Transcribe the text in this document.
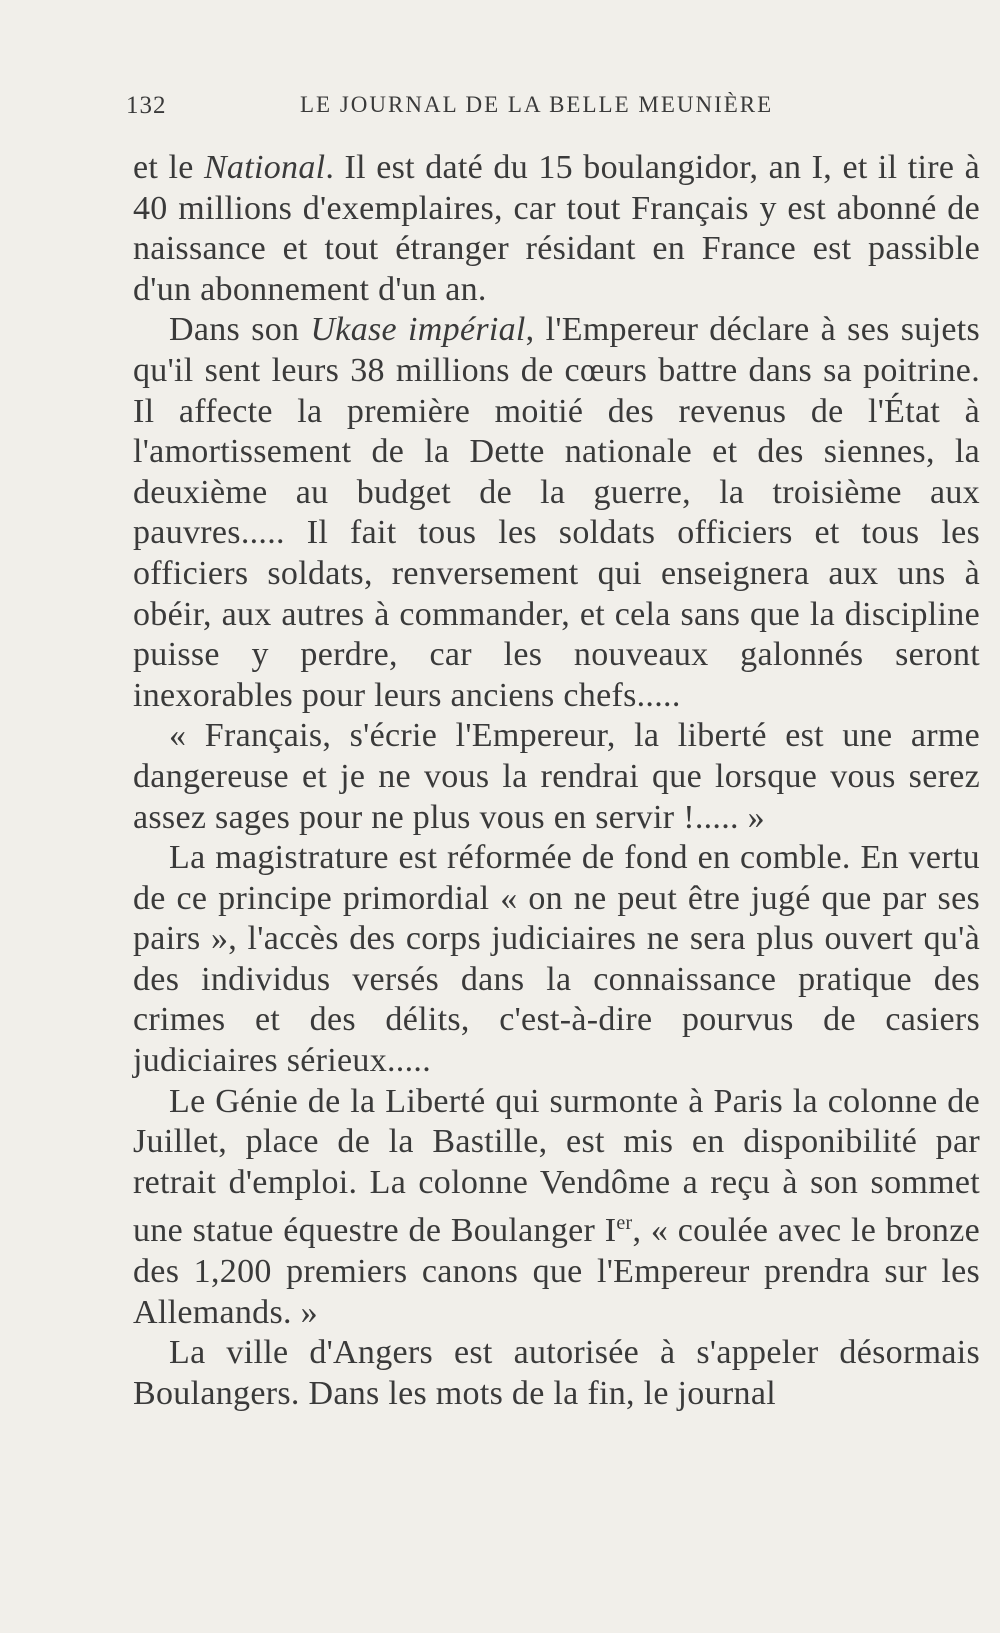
132	LE JOURNAL DE LA BELLE MEUNIÈRE

et le National. Il est daté du 15 boulangidor, an I, et il tire à 40 millions d'exemplaires, car tout Français y est abonné de naissance et tout étranger résidant en France est passible d'un abonnement d'un an.

Dans son Ukase impérial, l'Empereur déclare à ses sujets qu'il sent leurs 38 millions de cœurs battre dans sa poitrine. Il affecte la première moitié des revenus de l'État à l'amortissement de la Dette nationale et des siennes, la deuxième au budget de la guerre, la troisième aux pauvres..... Il fait tous les soldats officiers et tous les officiers soldats, renversement qui enseignera aux uns à obéir, aux autres à commander, et cela sans que la discipline puisse y perdre, car les nouveaux galonnés seront inexorables pour leurs anciens chefs.....

« Français, s'écrie l'Empereur, la liberté est une arme dangereuse et je ne vous la rendrai que lorsque vous serez assez sages pour ne plus vous en servir !..... »

La magistrature est réformée de fond en comble. En vertu de ce principe primordial « on ne peut être jugé que par ses pairs », l'accès des corps judiciaires ne sera plus ouvert qu'à des individus versés dans la connaissance pratique des crimes et des délits, c'est-à-dire pourvus de casiers judiciaires sérieux.....

Le Génie de la Liberté qui surmonte à Paris la colonne de Juillet, place de la Bastille, est mis en disponibilité par retrait d'emploi. La colonne Vendôme a reçu à son sommet une statue équestre de Boulanger Ier, « coulée avec le bronze des 1,200 premiers canons que l'Empereur prendra sur les Allemands. »

La ville d'Angers est autorisée à s'appeler désormais Boulangers. Dans les mots de la fin, le journal
